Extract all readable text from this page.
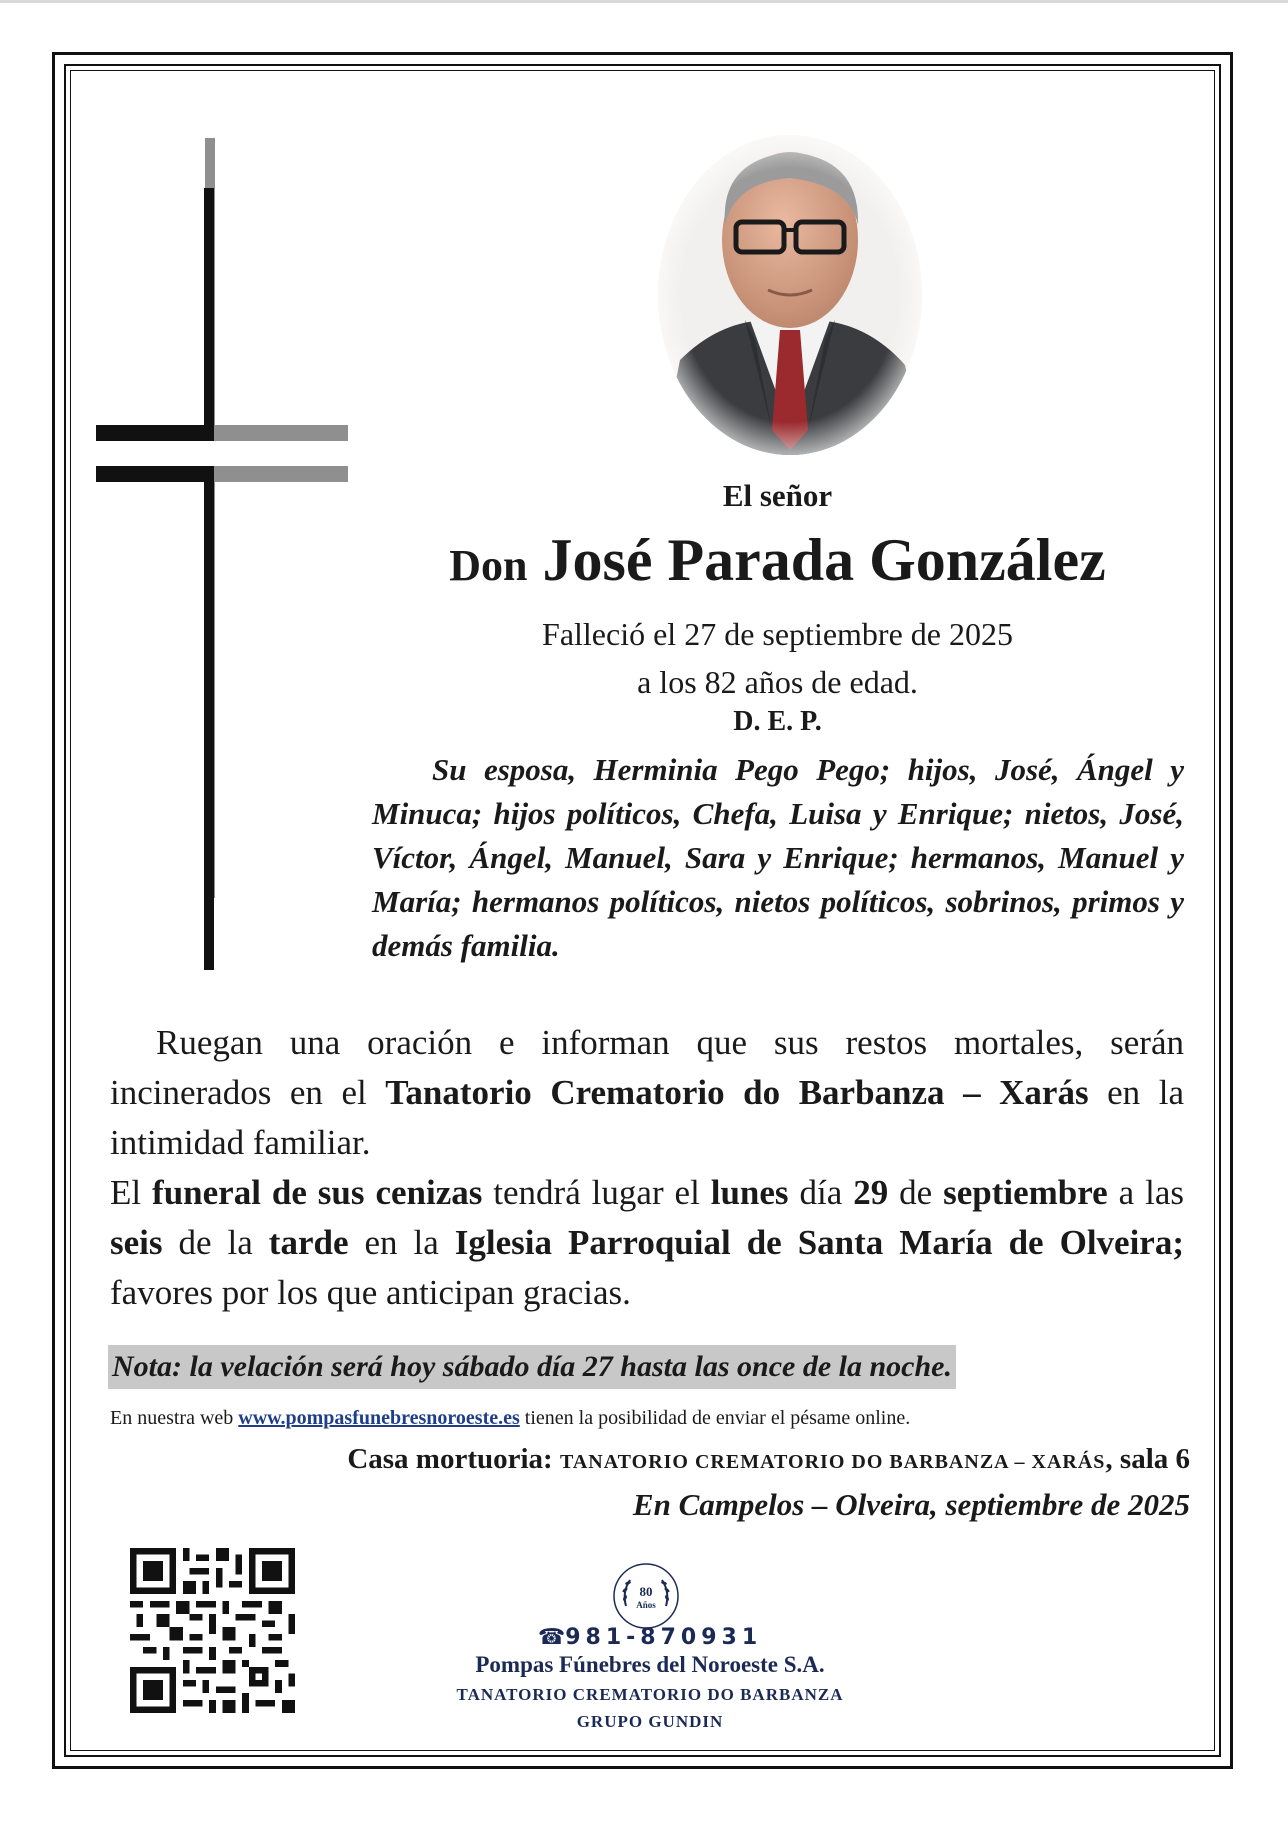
El señor
Don José Parada González
Falleció el 27 de septiembre de 2025
a los 82 años de edad.
D. E. P.
Su esposa, Herminia Pego Pego; hijos, José, Ángel y Minuca; hijos políticos, Chefa, Luisa y Enrique; nietos, José, Víctor, Ángel, Manuel, Sara y Enrique; hermanos, Manuel y María; hermanos políticos, nietos políticos, sobrinos, primos y demás familia.

Ruegan una oración e informan que sus restos mortales, serán incinerados en el Tanatorio Crematorio do Barbanza – Xarás en la intimidad familiar.

El funeral de sus cenizas tendrá lugar el lunes día 29 de septiembre a las seis de la tarde en la Iglesia Parroquial de Santa María de Olveira; favores por los que anticipan gracias.

Nota: la velación será hoy sábado día 27 hasta las once de la noche.
En nuestra web www.pompasfunebresnoroeste.es tienen la posibilidad de enviar el pésame online.
Casa mortuoria: TANATORIO CREMATORIO DO BARBANZA – XARÁS, sala 6
En Campelos – Olveira, septiembre de 2025
80
Años
☎981-870931
Pompas Fúnebres del Noroeste S.A.
TANATORIO CREMATORIO DO BARBANZA
GRUPO GUNDIN
